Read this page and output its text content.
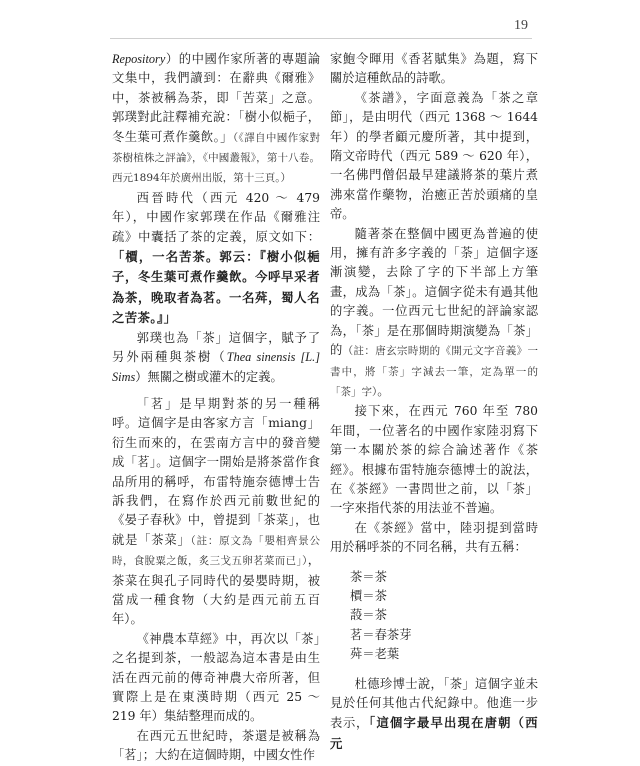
19

Repository）的中國作家所著的專題論文集中，我們讀到：在辭典《爾雅》中，茶被稱為荼，即「苦菜」之意。郭璞對此註釋補充說：「樹小似梔子，冬生葉可煮作羹飲。」（《譯自中國作家對茶樹植株之評論》，《中國叢報》，第十八卷。西元1894年於廣州出版，第十三頁。）

西晉時代（西元 420 ～ 479 年），中國作家郭璞在作品《爾雅注疏》中囊括了茶的定義，原文如下：「檟，一名苦茶。郭云：『樹小似梔子，冬生葉可煮作羹飲。今呼早采者為茶，晚取者為茗。一名荈，蜀人名之苦茶。』」

郭璞也為「茶」這個字，賦予了另外兩種與茶樹（Thea sinensis [L.] Sims）無關之樹或灌木的定義。

「茗」是早期對茶的另一種稱呼。這個字是由客家方言「miang」衍生而來的，在雲南方言中的發音變成「茗」。這個字一開始是將茶當作食品所用的稱呼，布雷特施奈德博士告訴我們，在寫作於西元前數世紀的《晏子春秋》中，曾提到「茶菜」，也就是「茶菜」（註：原文為「嬰相齊景公時，食脫粟之飯，炙三戈五卵茗菜而已」），茶菜在與孔子同時代的晏嬰時期，被當成一種食物（大約是西元前五百年）。

《神農本草經》中，再次以「茶」之名提到茶，一般認為這本書是由生活在西元前的傳奇神農大帝所著，但實際上是在東漢時期（西元 25 ～ 219 年）集結整理而成的。

在西元五世紀時，茶還是被稱為「茗」；大約在這個時期，中國女性作

家鮑令暉用《香茗賦集》為題，寫下關於這種飲品的詩歌。

《茶譜》，字面意義為「茶之章節」，是由明代（西元 1368 ～ 1644 年）的學者顧元慶所著，其中提到，隋文帝時代（西元 589 ～ 620 年），一名佛門僧侶最早建議將茶的葉片煮沸來當作藥物，治癒正苦於頭痛的皇帝。

隨著茶在整個中國更為普遍的使用，擁有許多字義的「荼」這個字逐漸演變，去除了字的下半部上方筆畫，成為「茶」。這個字從未有過其他的字義。一位西元七世紀的評論家認為，「茶」是在那個時期演變為「茶」的（註：唐玄宗時期的《開元文字音義》一書中，將「荼」字減去一筆，定為單一的「茶」字）。

接下來，在西元 760 年至 780 年間，一位著名的中國作家陸羽寫下第一本關於茶的綜合論述著作《茶經》。根據布雷特施奈德博士的說法，在《茶經》一書問世之前，以「茶」一字來指代茶的用法並不普遍。

在《茶經》當中，陸羽提到當時用於稱呼茶的不同名稱，共有五稱：

茶＝茶
檟＝茶
蔎＝茶
茗＝春茶芽
荈＝老葉

杜德珍博士說，「茶」這個字並未見於任何其他古代紀錄中。他進一步表示，「這個字最早出現在唐朝（西元
